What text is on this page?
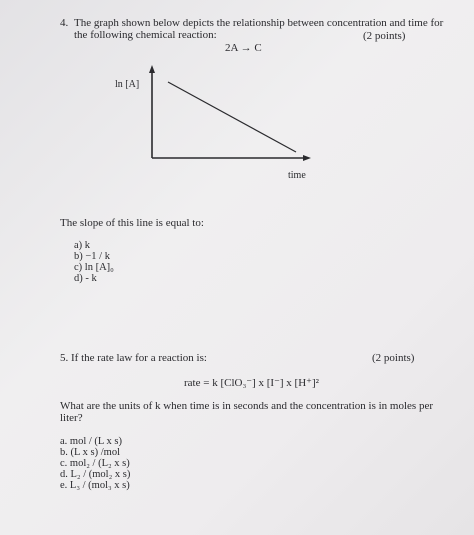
4. The graph shown below depicts the relationship between concentration and time for
the following chemical reaction:	(2 points)
2A → C
ln [A]
time
The slope of this line is equal to:
a) k
b) −1 / k
c) ln [A]₀
d) - k
5. If the rate law for a reaction is:	(2 points)
rate = k [ClO₃⁻] x [I⁻] x [H⁺]²
What are the units of k when time is in seconds and the concentration is in moles per
liter?
a. mol / (L x s)
b. (L x s) /mol
c. mol₂ / (L₂ x s)
d. L₂ / (mol₂ x s)
e. L₃ / (mol₃ x s)
